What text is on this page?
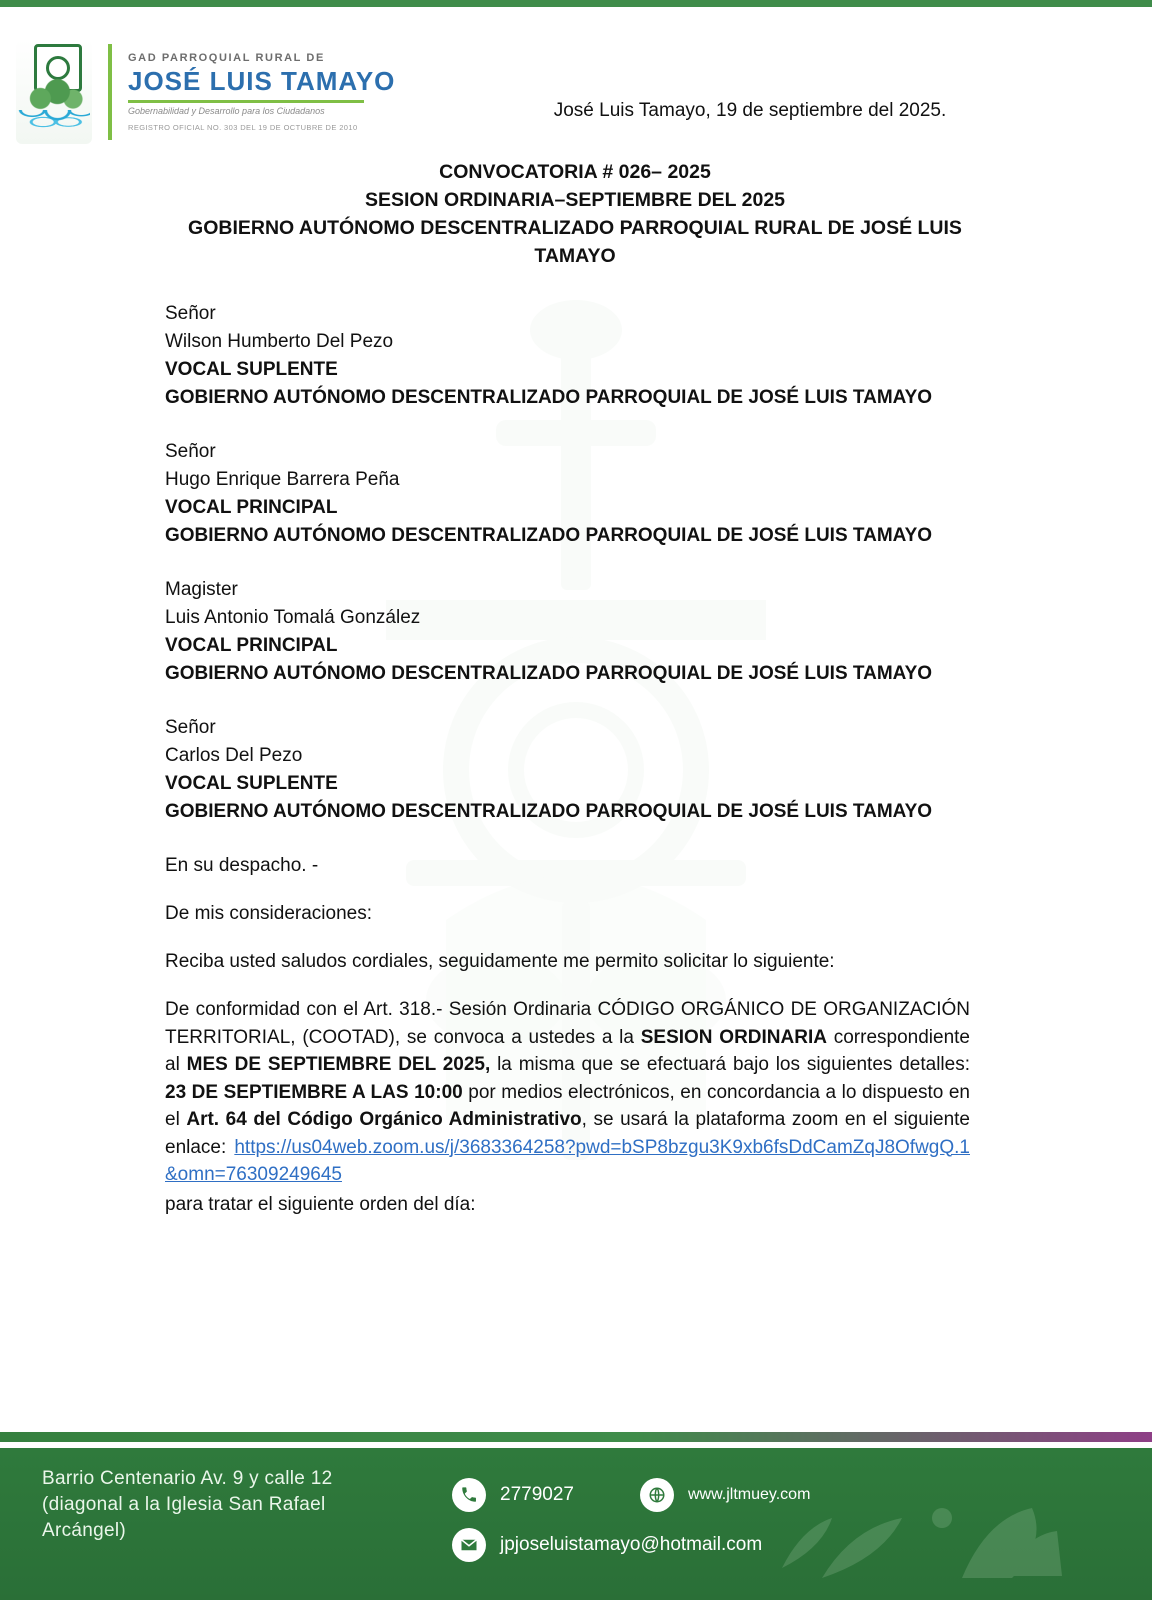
GAD PARROQUIAL RURAL DE
JOSÉ LUIS TAMAYO
Gobernabilidad y Desarrollo para los Ciudadanos
REGISTRO OFICIAL NO. 303 DEL 19 DE OCTUBRE DE 2010
José Luis Tamayo, 19 de septiembre del 2025.
CONVOCATORIA # 026– 2025
SESION ORDINARIA–SEPTIEMBRE DEL 2025
GOBIERNO AUTÓNOMO DESCENTRALIZADO PARROQUIAL RURAL DE JOSÉ LUIS TAMAYO
Señor
Wilson Humberto Del Pezo
VOCAL SUPLENTE
GOBIERNO AUTÓNOMO DESCENTRALIZADO PARROQUIAL DE JOSÉ LUIS TAMAYO
Señor
Hugo Enrique Barrera Peña
VOCAL PRINCIPAL
GOBIERNO AUTÓNOMO DESCENTRALIZADO PARROQUIAL DE JOSÉ LUIS TAMAYO
Magister
Luis Antonio Tomalá González
VOCAL PRINCIPAL
GOBIERNO AUTÓNOMO DESCENTRALIZADO PARROQUIAL DE JOSÉ LUIS TAMAYO
Señor
Carlos Del Pezo
VOCAL SUPLENTE
GOBIERNO AUTÓNOMO DESCENTRALIZADO PARROQUIAL DE JOSÉ LUIS TAMAYO
En su despacho. -
De mis consideraciones:
Reciba usted saludos cordiales, seguidamente me permito solicitar lo siguiente:
De conformidad con el Art. 318.- Sesión Ordinaria CÓDIGO ORGÁNICO DE ORGANIZACIÓN TERRITORIAL, (COOTAD), se convoca a ustedes a la SESION ORDINARIA correspondiente al MES DE SEPTIEMBRE DEL 2025, la misma que se efectuará bajo los siguientes detalles: 23 DE SEPTIEMBRE A LAS 10:00 por medios electrónicos, en concordancia a lo dispuesto en el Art. 64 del Código Orgánico Administrativo, se usará la plataforma zoom en el siguiente enlace: https://us04web.zoom.us/j/3683364258?pwd=bSP8bzgu3K9xb6fsDdCamZqJ8OfwgQ.1&omn=76309249645
para tratar el siguiente orden del día:
Barrio Centenario Av. 9 y calle 12
(diagonal a la Iglesia San Rafael
Arcángel)
2779027
jpjoseluistamayo@hotmail.com
www.jltmuey.com
